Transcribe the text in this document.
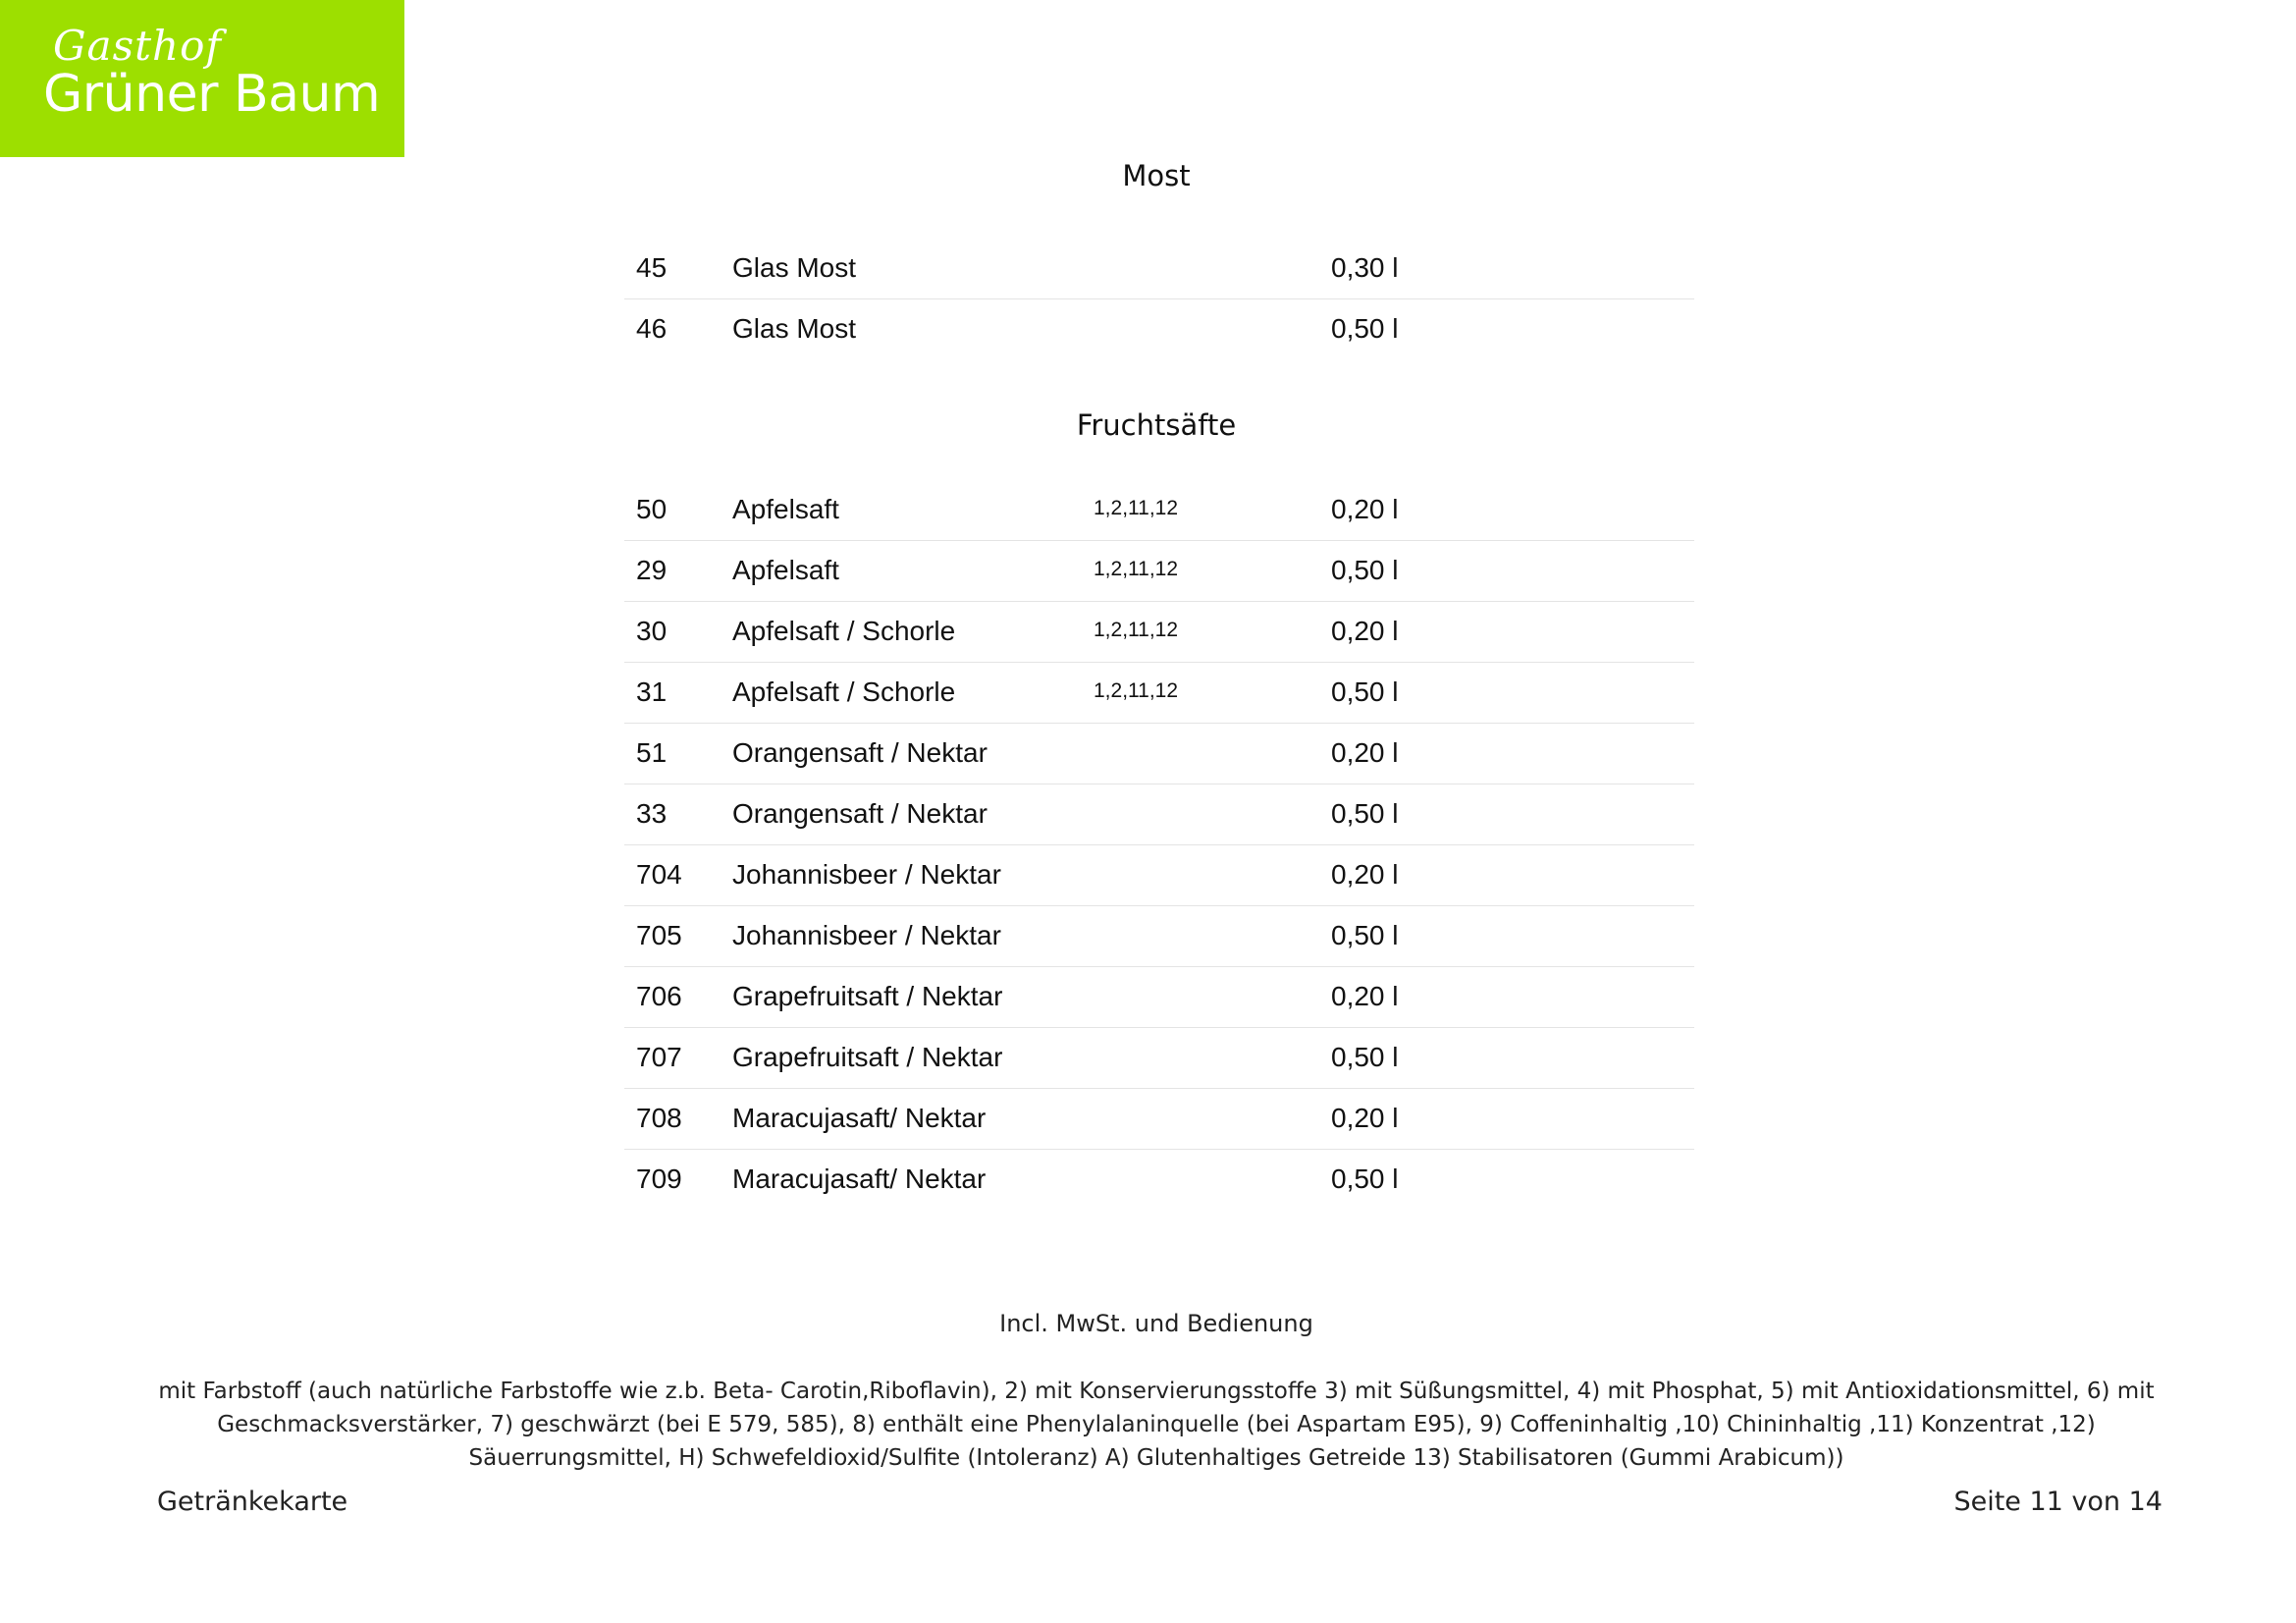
Gasthof
Grüner Baum
Most
45 Glas Most	0,30 l
46 Glas Most	0,50 l
Fruchtsäfte
50 Apfelsaft	1,2,11,12	0,20 l
29 Apfelsaft	1,2,11,12	0,50 l
30 Apfelsaft / Schorle	1,2,11,12	0,20 l
31 Apfelsaft / Schorle	1,2,11,12	0,50 l
51 Orangensaft / Nektar	0,20 l
33 Orangensaft / Nektar	0,50 l
704 Johannisbeer / Nektar	0,20 l
705 Johannisbeer / Nektar	0,50 l
706 Grapefruitsaft / Nektar	0,20 l
707 Grapefruitsaft / Nektar	0,50 l
708 Maracujasaft/ Nektar	0,20 l
709 Maracujasaft/ Nektar	0,50 l
Incl. MwSt. und Bedienung
mit Farbstoff (auch natürliche Farbstoffe wie z.b. Beta- Carotin,Riboflavin), 2) mit Konservierungsstoffe 3) mit Süßungsmittel, 4) mit Phosphat, 5) mit Antioxidationsmittel, 6) mit
Geschmacksverstärker, 7) geschwärzt (bei E 579, 585), 8) enthält eine Phenylalaninquelle (bei Aspartam E95), 9) Coffeninhaltig ,10) Chininhaltig ,11) Konzentrat ,12)
Säuerrungsmittel, H) Schwefeldioxid/Sulfite (Intoleranz) A) Glutenhaltiges Getreide 13) Stabilisatoren (Gummi Arabicum))
Getränkekarte	Seite 11 von 14
